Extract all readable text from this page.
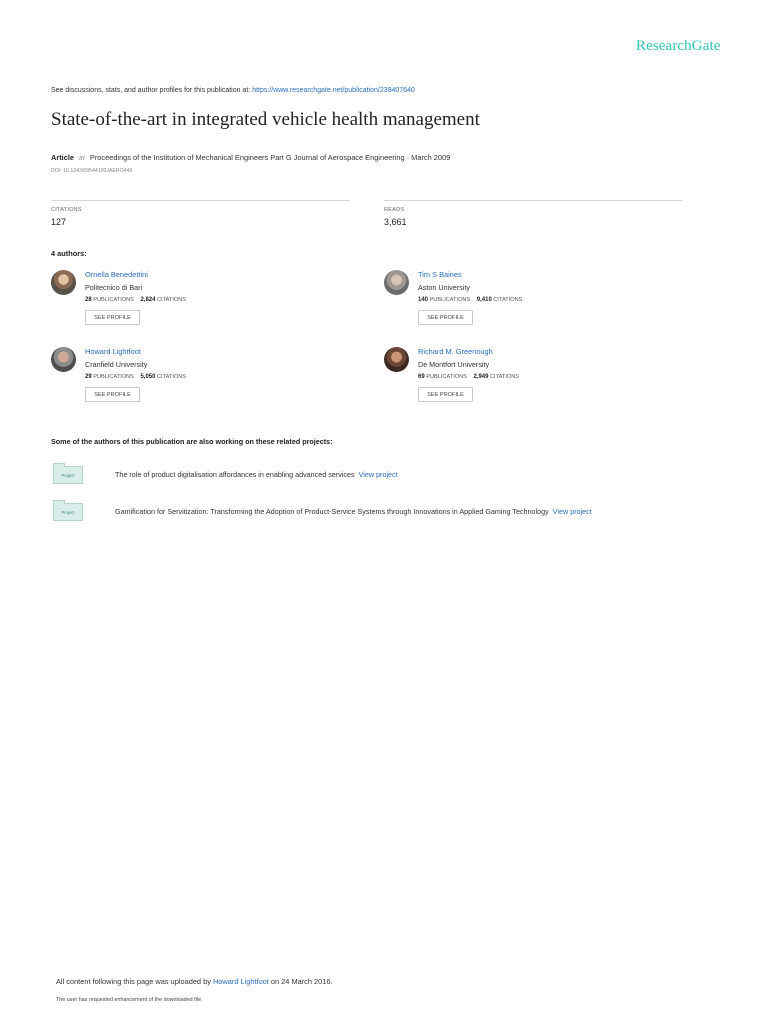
ResearchGate
See discussions, stats, and author profiles for this publication at: https://www.researchgate.net/publication/239407640
State-of-the-art in integrated vehicle health management
Article in Proceedings of the Institution of Mechanical Engineers Part G Journal of Aerospace Engineering · March 2009
DOI: 10.1243/09544100JAERO446
CITATIONS
127
READS
3,661
4 authors:
Ornella Benedettini
Politecnico di Bari
28 PUBLICATIONS 2,824 CITATIONS
SEE PROFILE
Tim S Baines
Aston University
140 PUBLICATIONS 9,410 CITATIONS
SEE PROFILE
Howard Lightfoot
Cranfield University
29 PUBLICATIONS 5,050 CITATIONS
SEE PROFILE
Richard M. Greenough
De Montfort University
69 PUBLICATIONS 2,949 CITATIONS
SEE PROFILE
Some of the authors of this publication are also working on these related projects:
Project	The role of product digitalisation affordances in enabling advanced services View project
Project	Gamification for Servitization: Transforming the Adoption of Product-Service Systems through Innovations in Applied Gaming Technology View project
All content following this page was uploaded by Howard Lightfoot on 24 March 2016.
The user has requested enhancement of the downloaded file.
